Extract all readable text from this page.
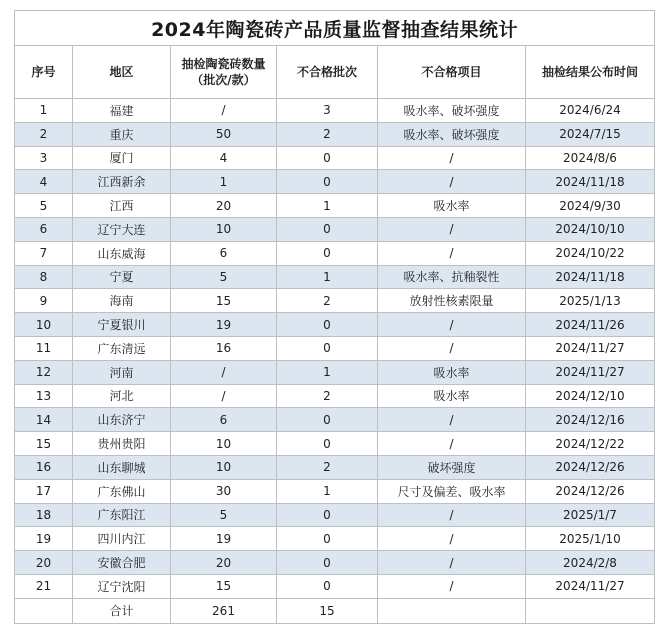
2024年陶瓷砖产品质量监督抽查结果统计					
序号	地区	抽检陶瓷砖数量（批次/款）	不合格批次	不合格项目	抽检结果公布时间
1	福建	/	3	吸水率、破坏强度	2024/6/24
2	重庆	50	2	吸水率、破坏强度	2024/7/15
3	厦门	4	0	/	2024/8/6
4	江西新余	1	0	/	2024/11/18
5	江西	20	1	吸水率	2024/9/30
6	辽宁大连	10	0	/	2024/10/10
7	山东威海	6	0	/	2024/10/22
8	宁夏	5	1	吸水率、抗釉裂性	2024/11/18
9	海南	15	2	放射性核素限量	2025/1/13
10	宁夏银川	19	0	/	2024/11/26
11	广东清远	16	0	/	2024/11/27
12	河南	/	1	吸水率	2024/11/27
13	河北	/	2	吸水率	2024/12/10
14	山东济宁	6	0	/	2024/12/16
15	贵州贵阳	10	0	/	2024/12/22
16	山东聊城	10	2	破坏强度	2024/12/26
17	广东佛山	30	1	尺寸及偏差、吸水率	2024/12/26
18	广东阳江	5	0	/	2025/1/7
19	四川内江	19	0	/	2025/1/10
20	安徽合肥	20	0	/	2024/2/8
21	辽宁沈阳	15	0	/	2024/11/27
	合计	261	15		
